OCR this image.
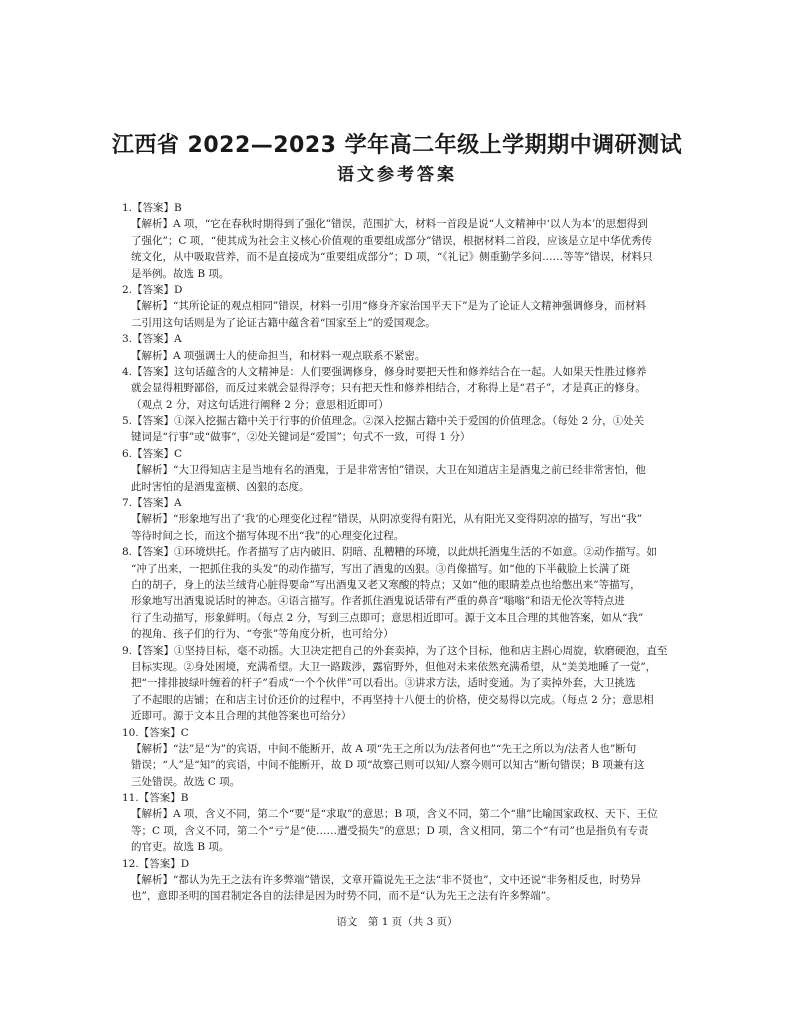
江西省 2022—2023 学年高二年级上学期期中调研测试
语文参考答案
1.【答案】B
【解析】A 项，“它在春秋时期得到了强化”错误，范围扩大，材料一首段是说“人文精神中‘以人为本’的思想得到
了强化”；C 项，“使其成为社会主义核心价值观的重要组成部分”错误，根据材料二首段，应该是立足中华优秀传
统文化，从中吸取营养，而不是直接成为“重要组成部分”；D 项，“《礼记》侧重勤学多问……等等”错误，材料只
是举例。故选 B 项。
2.【答案】D
【解析】“其所论证的观点相同”错误，材料一引用“修身齐家治国平天下”是为了论证人文精神强调修身，而材料
二引用这句话则是为了论证古籍中蕴含着“国家至上”的爱国观念。
3.【答案】A
【解析】A 项强调士人的使命担当，和材料一观点联系不紧密。
4.【答案】这句话蕴含的人文精神是：人们要强调修身，修身时要把天性和修养结合在一起。人如果天性胜过修养
就会显得粗野鄙俗，而反过来就会显得浮夸；只有把天性和修养相结合，才称得上是“君子”，才是真正的修身。
（观点 2 分，对这句话进行阐释 2 分；意思相近即可）
5.【答案】①深入挖掘古籍中关于行事的价值理念。②深入挖掘古籍中关于爱国的价值理念。（每处 2 分，①处关
键词是“行事”或“做事”，②处关键词是“爱国”；句式不一致，可得 1 分）
6.【答案】C
【解析】“大卫得知店主是当地有名的酒鬼，于是非常害怕”错误，大卫在知道店主是酒鬼之前已经非常害怕，他
此时害怕的是酒鬼蛮横、凶狠的态度。
7.【答案】A
【解析】“形象地写出了‘我’的心理变化过程”错误，从阴凉变得有阳光，从有阳光又变得阴凉的描写，写出“我”
等待时间之长，而这个描写体现不出“我”的心理变化过程。
8.【答案】①环境烘托。作者描写了店内破旧、阴暗、乱糟糟的环境，以此烘托酒鬼生活的不如意。②动作描写。如
“冲了出来，一把抓住我的头发”的动作描写，写出了酒鬼的凶狠。③肖像描写。如“他的下半截脸上长满了斑
白的胡子，身上的法兰绒背心脏得要命”写出酒鬼又老又寒酸的特点；又如“他的眼睛差点也给憋出来”等描写，
形象地写出酒鬼说话时的神态。④语言描写。作者抓住酒鬼说话带有严重的鼻音“嗡嗡”和语无伦次等特点进
行了生动描写，形象鲜明。（每点 2 分，写到三点即可；意思相近即可。源于文本且合理的其他答案，如从“我”
的视角、孩子们的行为、“夸张”等角度分析，也可给分）
9.【答案】①坚持目标，毫不动摇。大卫决定把自己的外套卖掉，为了这个目标，他和店主斟心周旋，软磨硬泡，直至
目标实现。②身处困境，充满希望。大卫一路跋涉，露宿野外，但他对未来依然充满希望，从“美美地睡了一觉”，
把“一排排披绿叶缠着的杆子”看成“一个个伙伴”可以看出。③讲求方法，适时变通。为了卖掉外套，大卫挑选
了不起眼的店铺；在和店主讨价还价的过程中，不再坚持十八便士的价格，使交易得以完成。（每点 2 分；意思相
近即可。源于文本且合理的其他答案也可给分）
10.【答案】C
【解析】“法”是“为”的宾语，中间不能断开，故 A 项“先王之所以为/法者何也”“先王之所以为/法者人也”断句
错误；“人”是“知”的宾语，中间不能断开，故 D 项“故察己则可以知/人察今则可以知古”断句错误；B 项兼有这
三处错误。故选 C 项。
11.【答案】B
【解析】A 项，含义不同，第二个“要”是“求取”的意思；B 项，含义不同，第二个“鼎”比喻国家政权、天下、王位
等；C 项，含义不同，第二个“亏”是“使……遭受损失”的意思；D 项，含义相同，第二个“有司”也是指负有专责
的官吏。故选 B 项。
12.【答案】D
【解析】“都认为先王之法有许多弊端”错误，文章开篇说先王之法“非不贤也”，文中还说“非务相反也，时势异
也”，意即圣明的国君制定各自的法律是因为时势不同，而不是“认为先王之法有许多弊端”。
语文　第 1 页（共 3 页）
